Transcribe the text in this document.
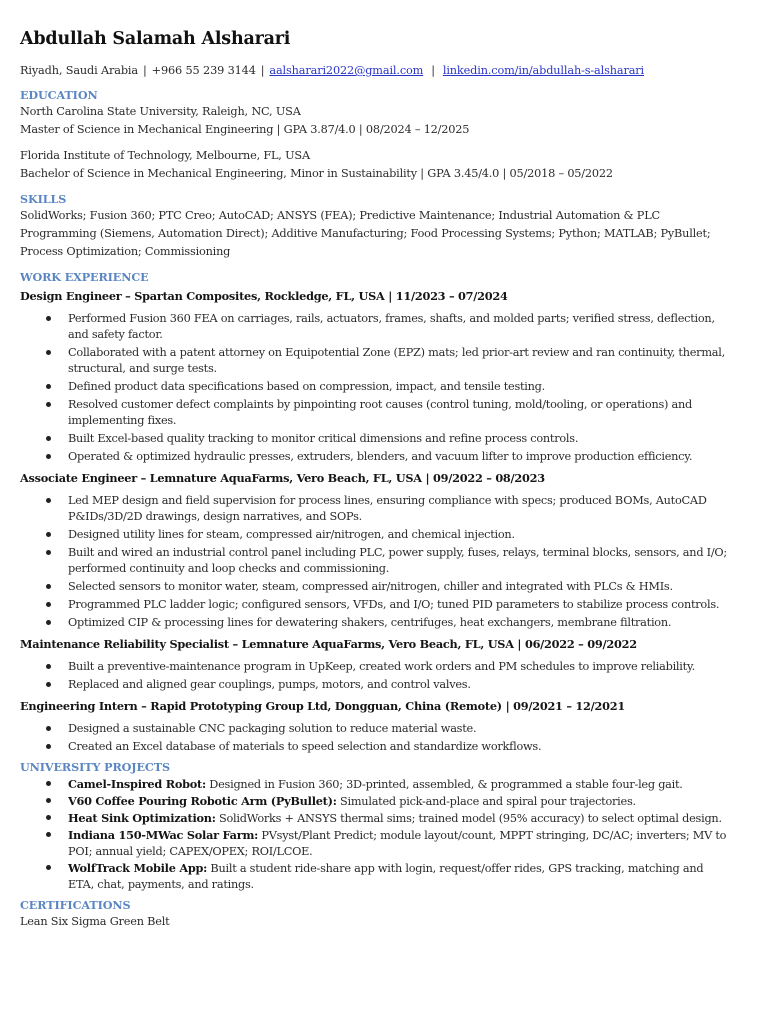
Abdullah Salamah Alsharari
Riyadh, Saudi Arabia | +966 55 239 3144 | aalsharari2022@gmail.com | linkedin.com/in/abdullah-s-alsharari
EDUCATION
North Carolina State University, Raleigh, NC, USA
Master of Science in Mechanical Engineering | GPA 3.87/4.0 | 08/2024 – 12/2025
Florida Institute of Technology, Melbourne, FL, USA
Bachelor of Science in Mechanical Engineering, Minor in Sustainability | GPA 3.45/4.0 | 05/2018 – 05/2022
SKILLS
SolidWorks; Fusion 360; PTC Creo; AutoCAD; ANSYS (FEA); Predictive Maintenance; Industrial Automation & PLC
Programming (Siemens, Automation Direct); Additive Manufacturing; Food Processing Systems; Python; MATLAB; PyBullet;
Process Optimization; Commissioning
WORK EXPERIENCE
Design Engineer – Spartan Composites, Rockledge, FL, USA | 11/2023 – 07/2024
Performed Fusion 360 FEA on carriages, rails, actuators, frames, shafts, and molded parts; verified stress, deflection, and safety factor.
Collaborated with a patent attorney on Equipotential Zone (EPZ) mats; led prior-art review and ran continuity, thermal, structural, and surge tests.
Defined product data specifications based on compression, impact, and tensile testing.
Resolved customer defect complaints by pinpointing root causes (control tuning, mold/tooling, or operations) and implementing fixes.
Built Excel-based quality tracking to monitor critical dimensions and refine process controls.
Operated & optimized hydraulic presses, extruders, blenders, and vacuum lifter to improve production efficiency.
Associate Engineer – Lemnature AquaFarms, Vero Beach, FL, USA | 09/2022 – 08/2023
Led MEP design and field supervision for process lines, ensuring compliance with specs; produced BOMs, AutoCAD P&IDs/3D/2D drawings, design narratives, and SOPs.
Designed utility lines for steam, compressed air/nitrogen, and chemical injection.
Built and wired an industrial control panel including PLC, power supply, fuses, relays, terminal blocks, sensors, and I/O; performed continuity and loop checks and commissioning.
Selected sensors to monitor water, steam, compressed air/nitrogen, chiller and integrated with PLCs & HMIs.
Programmed PLC ladder logic; configured sensors, VFDs, and I/O; tuned PID parameters to stabilize process controls.
Optimized CIP & processing lines for dewatering shakers, centrifuges, heat exchangers, membrane filtration.
Maintenance Reliability Specialist – Lemnature AquaFarms, Vero Beach, FL, USA | 06/2022 – 09/2022
Built a preventive-maintenance program in UpKeep, created work orders and PM schedules to improve reliability.
Replaced and aligned gear couplings, pumps, motors, and control valves.
Engineering Intern – Rapid Prototyping Group Ltd, Dongguan, China (Remote) | 09/2021 – 12/2021
Designed a sustainable CNC packaging solution to reduce material waste.
Created an Excel database of materials to speed selection and standardize workflows.
UNIVERSITY PROJECTS
Camel-Inspired Robot: Designed in Fusion 360; 3D-printed, assembled, & programmed a stable four-leg gait.
V60 Coffee Pouring Robotic Arm (PyBullet): Simulated pick-and-place and spiral pour trajectories.
Heat Sink Optimization: SolidWorks + ANSYS thermal sims; trained model (95% accuracy) to select optimal design.
Indiana 150-MWac Solar Farm: PVsyst/Plant Predict; module layout/count, MPPT stringing, DC/AC; inverters; MV to POI; annual yield; CAPEX/OPEX; ROI/LCOE.
WolfTrack Mobile App: Built a student ride-share app with login, request/offer rides, GPS tracking, matching and ETA, chat, payments, and ratings.
CERTIFICATIONS
Lean Six Sigma Green Belt
